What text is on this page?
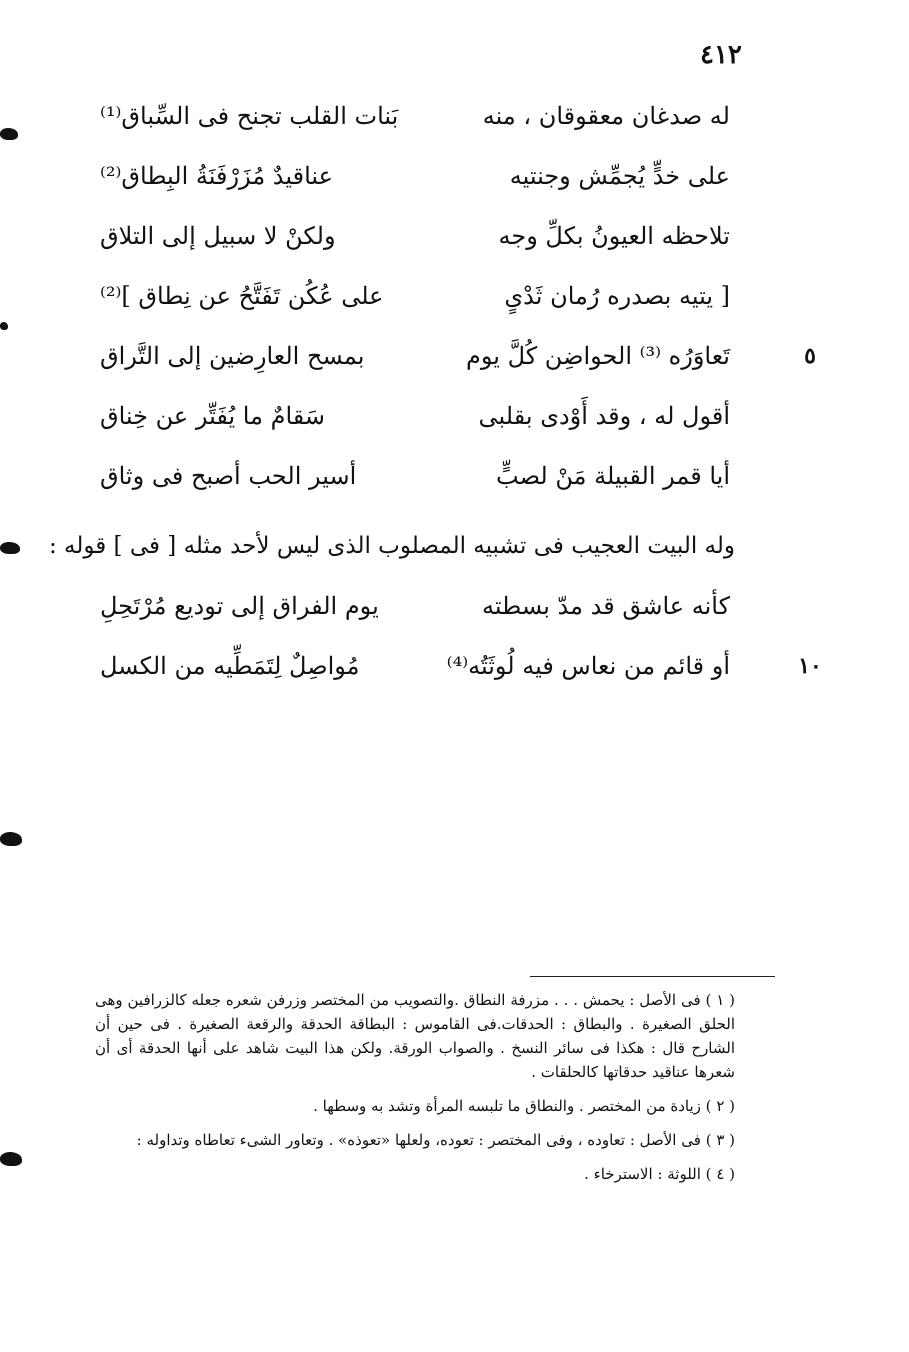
٤١٢
له صدغان معقوقان ، منه
بَنات القلب تجنح فى السِّباق⁽¹⁾
على خدٍّ يُجمِّش وجنتيه
عناقيدٌ مُزَرْفَنَةُ البِطاق⁽²⁾
تلاحظه العيونُ بكلِّ وجه
ولكنْ لا سبيل إلى التلاق
[ يتيه بصدره رُمان ثَدْىٍ
على عُكُن تَفَتَّحُ عن نِطاق ]⁽²⁾
تَعاوَرُه ⁽³⁾ الحواضِن كُلَّ يوم
بمسح العارِضين إلى التَّراق	٥
أقول له ، وقد أَوْدى بقلبى
سَقامٌ ما يُفَتِّر عن خِناق
أيا قمر القبيلة مَنْ لصبٍّ
أسير الحب أصبح فى وثاق
وله البيت العجيب فى تشبيه المصلوب الذى ليس لأحد مثله [ فى ] قوله :
كأنه عاشق قد مدّ بسطته
يوم الفراق إلى توديع مُرْتَحِلِ
أو قائم من نعاس فيه لُوثَتُه⁽⁴⁾
مُواصِلٌ لِتَمَطِّيه من الكسل	١٠

( ١ ) فى الأصل : يحمش . . . مزرفة النطاق .والتصويب من المختصر وزرفن شعره جعله كالزرافين وهى الحلق الصغيرة . والبطاق : الحدقات.فى القاموس : البطاقة الحدقة والرقعة الصغيرة . فى حين أن الشارح قال : هكذا فى سائر النسخ . والصواب الورقة. ولكن هذا البيت شاهد على أنها الحدقة أى أن شعرها عناقيد حدقاتها كالحلقات .

( ٢ ) زيادة من المختصر . والنطاق ما تلبسه المرأة وتشد به وسطها .

( ٣ ) فى الأصل : تعاوده ، وفى المختصر : تعوده، ولعلها «تعوذه» . وتعاور الشىء تعاطاه وتداوله :

( ٤ ) اللوثة : الاسترخاء .
